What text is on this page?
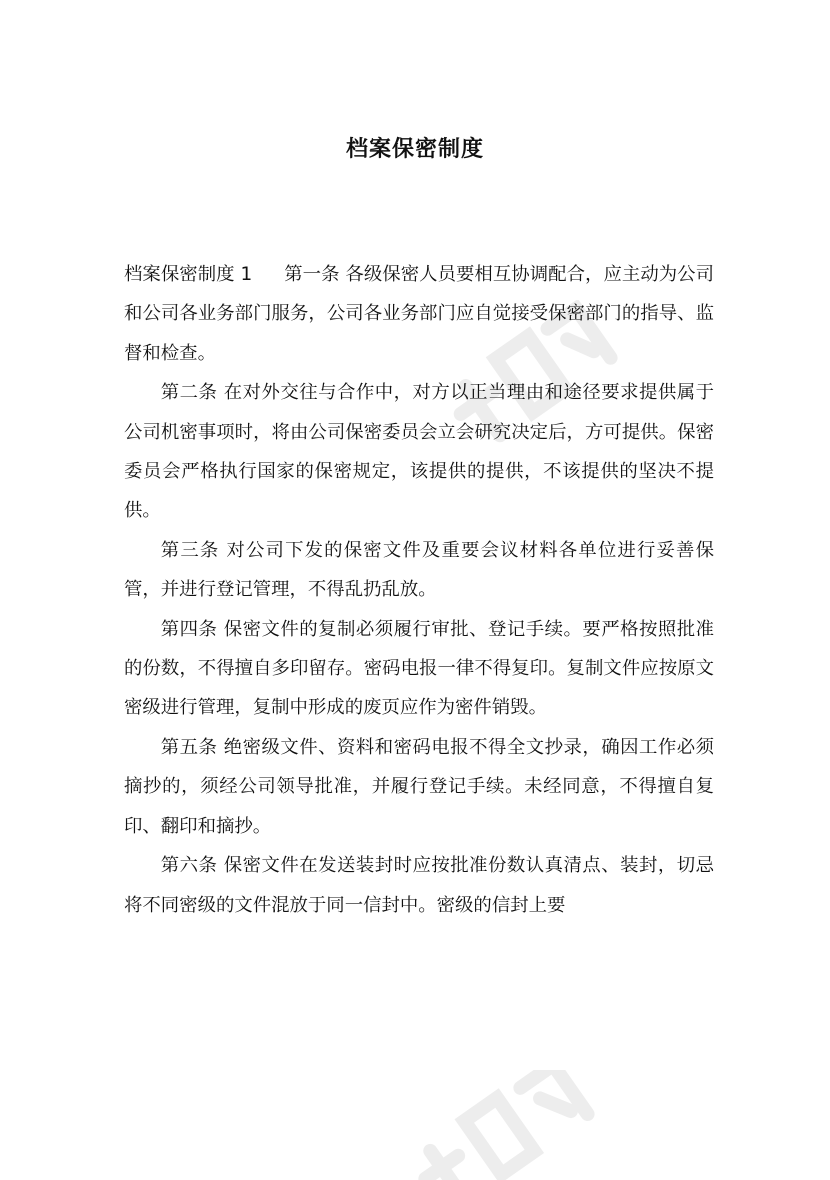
档案保密制度

档案保密制度 1 第一条 各级保密人员要相互协调配合，应主动为公司和公司各业务部门服务，公司各业务部门应自觉接受保密部门的指导、监督和检查。

第二条 在对外交往与合作中，对方以正当理由和途径要求提供属于公司机密事项时，将由公司保密委员会立会研究决定后，方可提供。保密委员会严格执行国家的保密规定，该提供的提供，不该提供的坚决不提供。

第三条 对公司下发的保密文件及重要会议材料各单位进行妥善保管，并进行登记管理，不得乱扔乱放。

第四条 保密文件的复制必须履行审批、登记手续。要严格按照批准的份数，不得擅自多印留存。密码电报一律不得复印。复制文件应按原文密级进行管理，复制中形成的废页应作为密件销毁。

第五条 绝密级文件、资料和密码电报不得全文抄录，确因工作必须摘抄的，须经公司领导批准，并履行登记手续。未经同意，不得擅自复印、翻印和摘抄。

第六条 保密文件在发送装封时应按批准份数认真清点、装封，切忌将不同密级的文件混放于同一信封中。密级的信封上要
